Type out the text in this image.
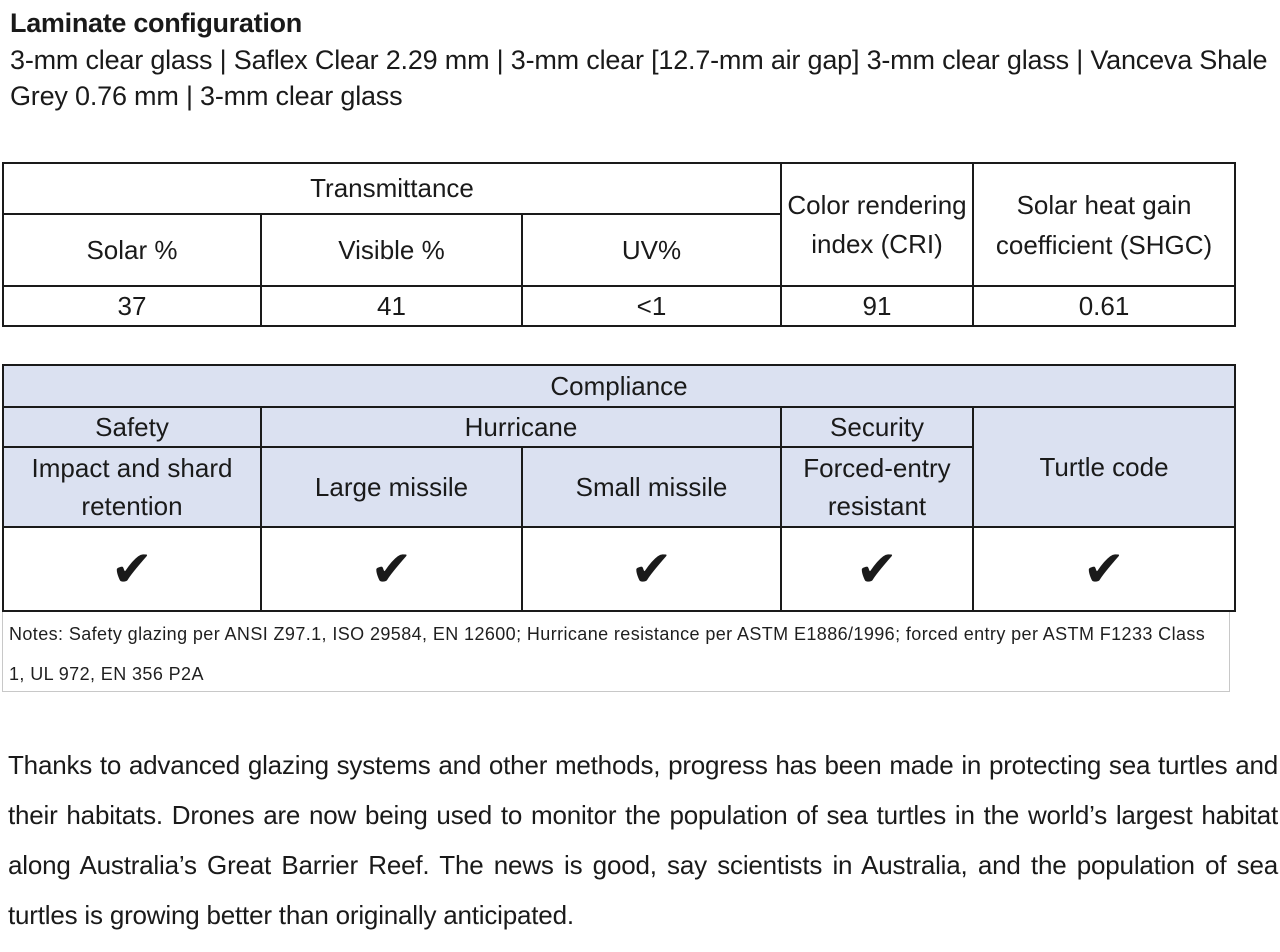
Laminate configuration
3-mm clear glass | Saflex Clear 2.29 mm | 3-mm clear [12.7-mm air gap] 3-mm clear glass | Vanceva Shale Grey 0.76 mm | 3-mm clear glass
Transmittance			Color rendering index (CRI)	Solar heat gain coefficient (SHGC)
Solar %	Visible %	UV%		
37	41	<1	91	0.61
Compliance				
Safety	Hurricane		Security	Turtle code
Impact and shard retention	Large missile	Small missile	Forced-entry resistant	
✔	✔	✔	✔	✔
Notes: Safety glazing per ANSI Z97.1, ISO 29584, EN 12600; Hurricane resistance per ASTM E1886/1996; forced entry per ASTM F1233 Class 1, UL 972, EN 356 P2A
Thanks to advanced glazing systems and other methods, progress has been made in protecting sea turtles and their habitats. Drones are now being used to monitor the population of sea turtles in the world’s largest habitat along Australia’s Great Barrier Reef. The news is good, say scientists in Australia, and the population of sea turtles is growing better than originally anticipated.
